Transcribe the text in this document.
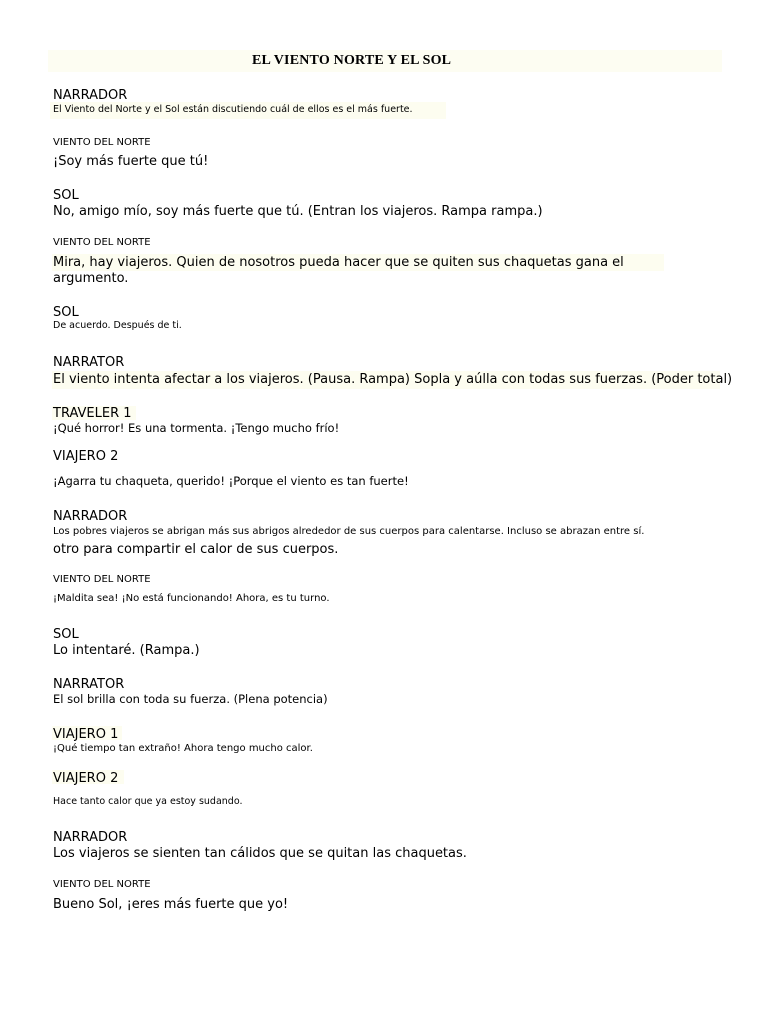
EL VIENTO NORTE Y EL SOL
NARRADOR
El Viento del Norte y el Sol están discutiendo cuál de ellos es el más fuerte.
VIENTO DEL NORTE
¡Soy más fuerte que tú!
SOL
No, amigo mío, soy más fuerte que tú. (Entran los viajeros. Rampa rampa.)
VIENTO DEL NORTE
Mira, hay viajeros. Quien de nosotros pueda hacer que se quiten sus chaquetas gana el
argumento.
SOL
De acuerdo. Después de ti.
NARRATOR
El viento intenta afectar a los viajeros. (Pausa. Rampa) Sopla y aúlla con todas sus fuerzas. (Poder total)
TRAVELER 1
¡Qué horror! Es una tormenta. ¡Tengo mucho frío!
VIAJERO 2
¡Agarra tu chaqueta, querido! ¡Porque el viento es tan fuerte!
NARRADOR
Los pobres viajeros se abrigan más sus abrigos alrededor de sus cuerpos para calentarse. Incluso se abrazan entre sí.
otro para compartir el calor de sus cuerpos.
VIENTO DEL NORTE
¡Maldita sea! ¡No está funcionando! Ahora, es tu turno.
SOL
Lo intentaré. (Rampa.)
NARRATOR
El sol brilla con toda su fuerza. (Plena potencia)
VIAJERO 1
¡Qué tiempo tan extraño! Ahora tengo mucho calor.
VIAJERO 2
Hace tanto calor que ya estoy sudando.
NARRADOR
Los viajeros se sienten tan cálidos que se quitan las chaquetas.
VIENTO DEL NORTE
Bueno Sol, ¡eres más fuerte que yo!
